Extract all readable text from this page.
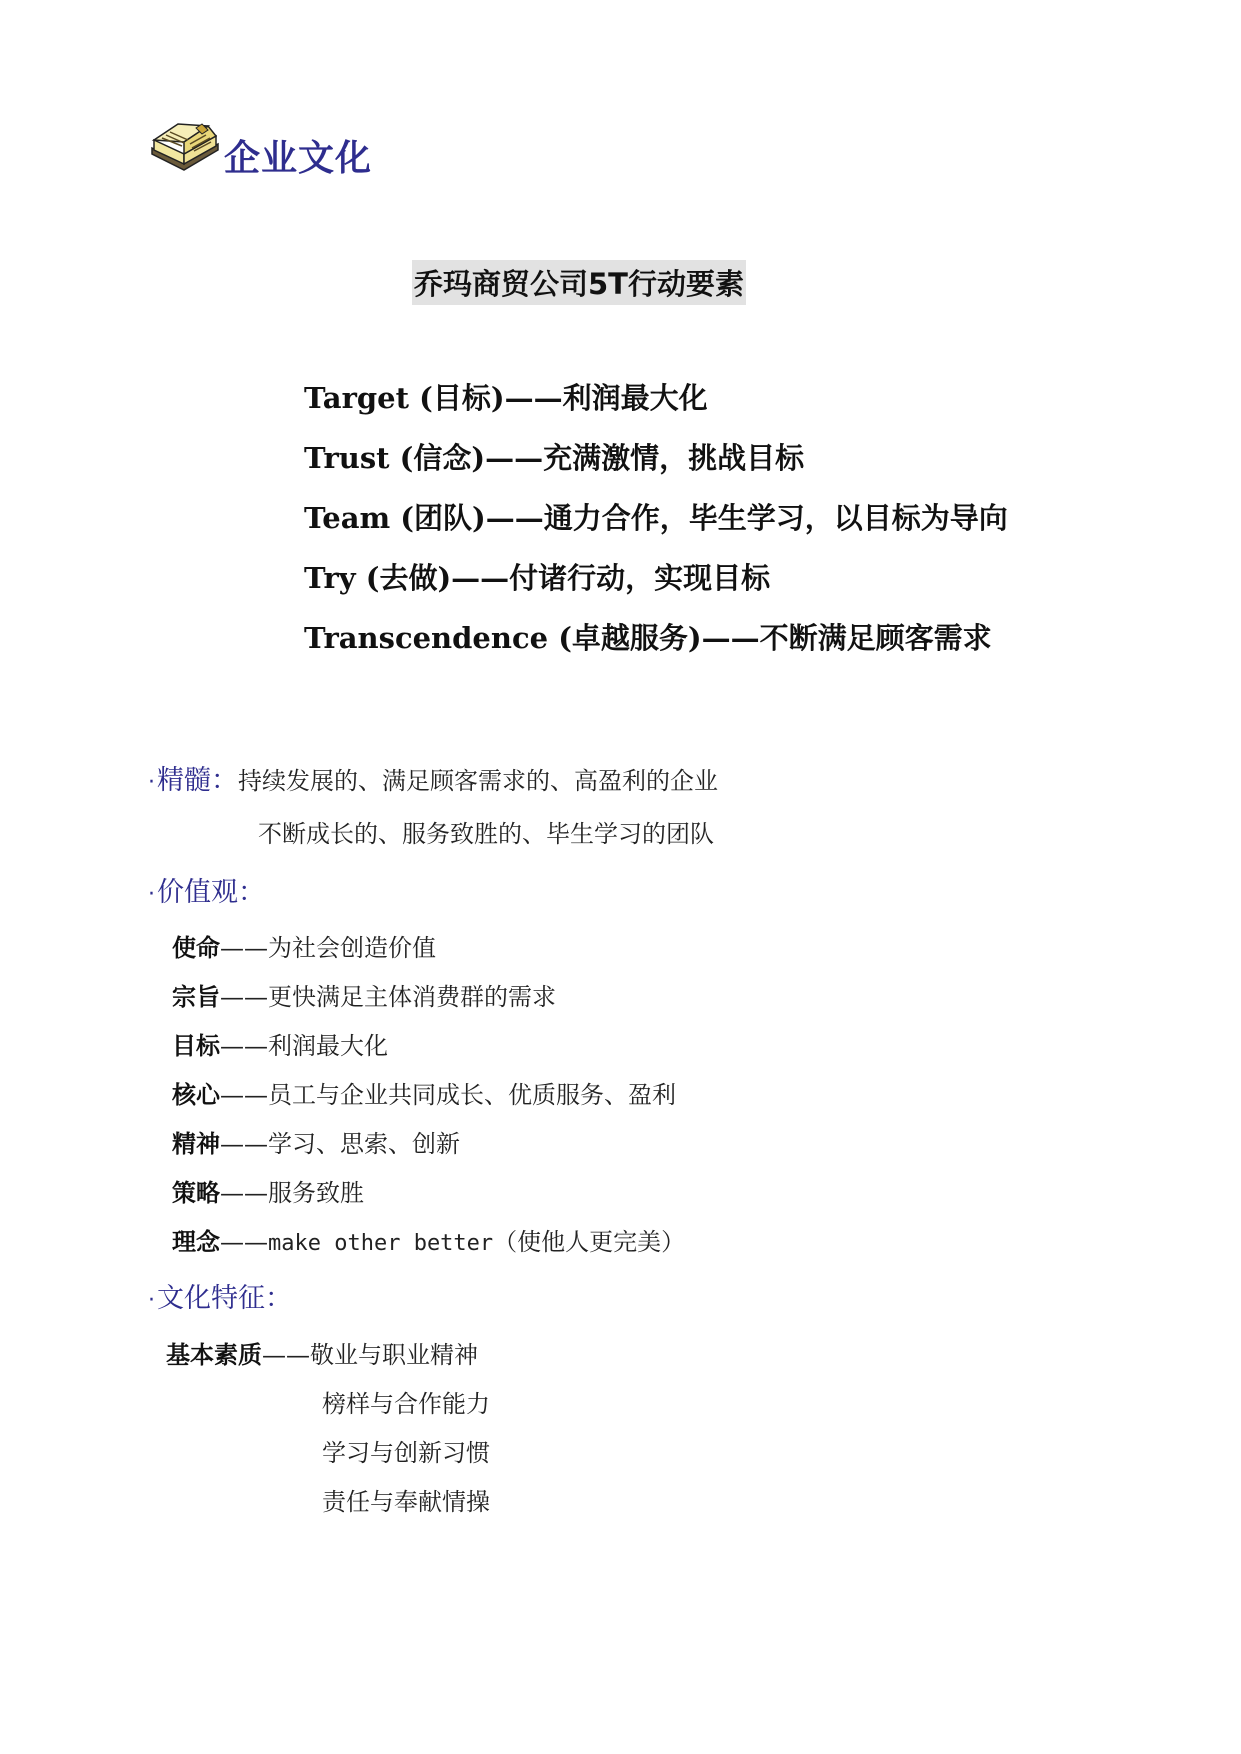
企业文化
乔玛商贸公司5T行动要素
Target (目标)——利润最大化
Trust (信念)——充满激情，挑战目标
Team (团队)——通力合作，毕生学习，以目标为导向
Try (去做)——付诸行动，实现目标
Transcendence (卓越服务)——不断满足顾客需求
·精髓：持续发展的、满足顾客需求的、高盈利的企业
不断成长的、服务致胜的、毕生学习的团队
·价值观：
使命——为社会创造价值
宗旨——更快满足主体消费群的需求
目标——利润最大化
核心——员工与企业共同成长、优质服务、盈利
精神——学习、思索、创新
策略——服务致胜
理念——make other better（使他人更完美）
·文化特征：
基本素质——敬业与职业精神
榜样与合作能力
学习与创新习惯
责任与奉献情操
